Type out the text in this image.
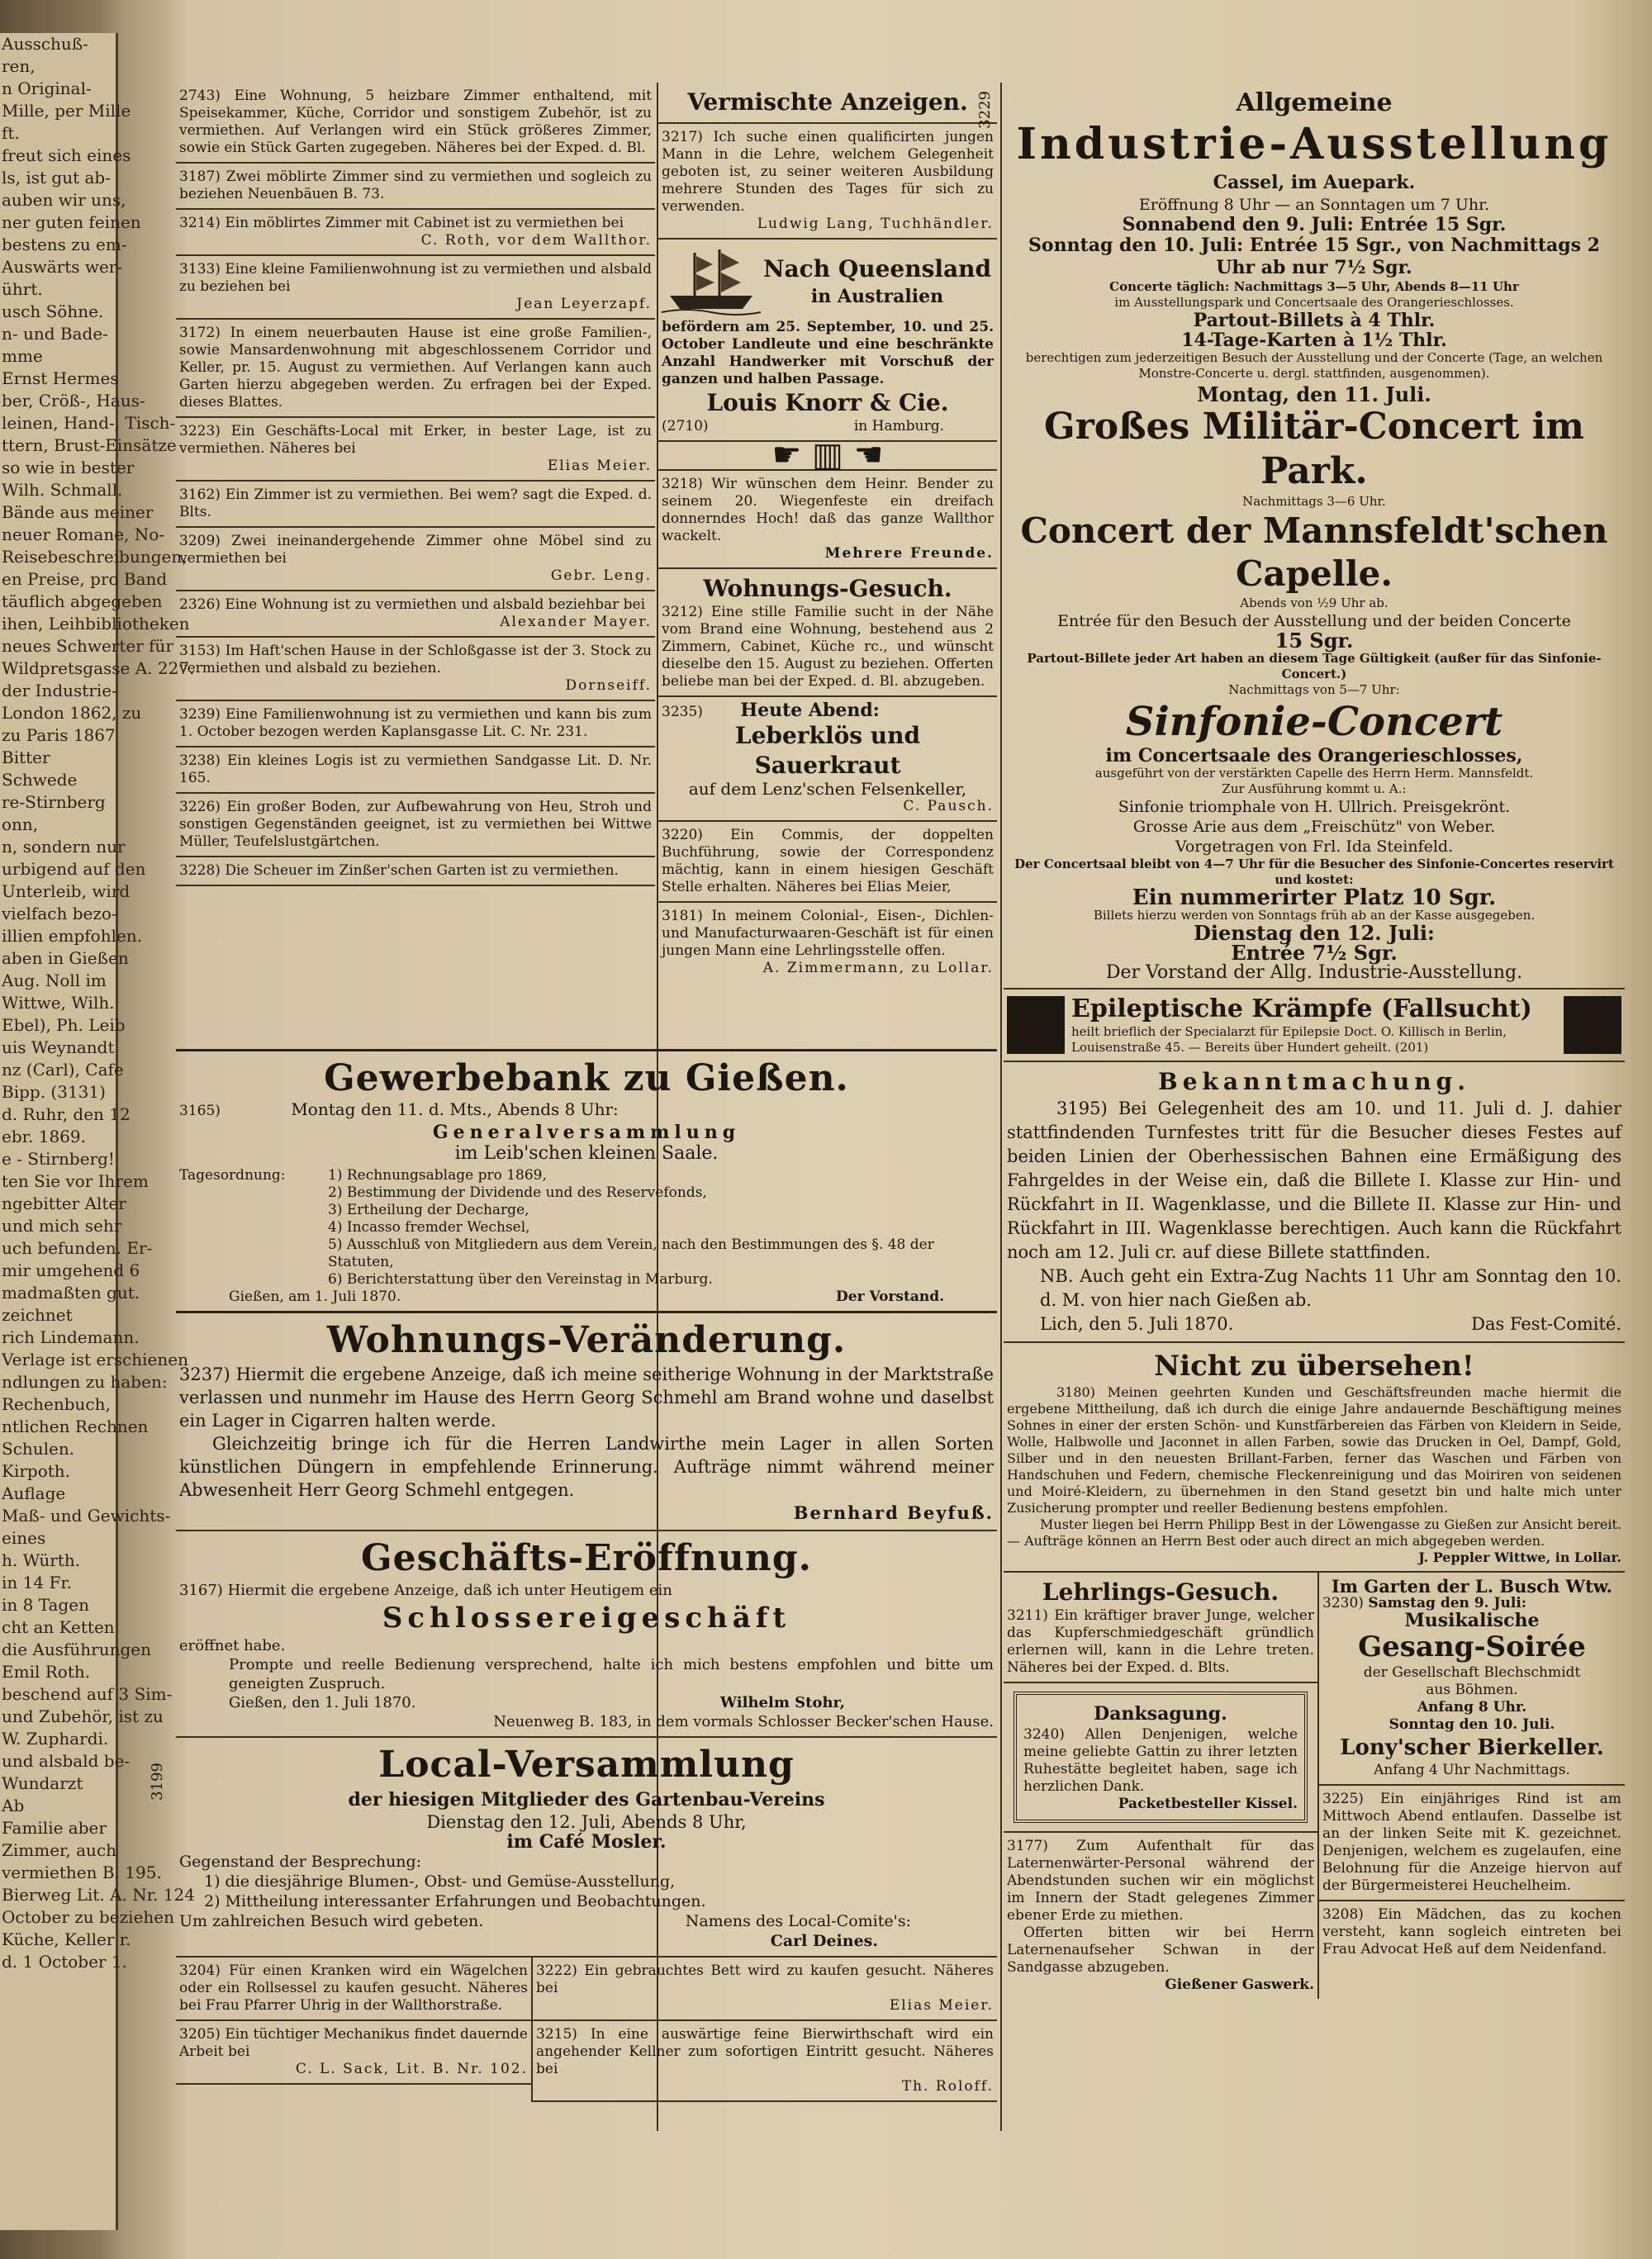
Ausschuß-
ren,
n Original-
Mille, per Mille
ft.
freut sich eines
ls, ist gut ab-
auben wir uns,
ner guten feinen
bestens zu em-
Auswärts wer-
ührt.
usch Söhne.
n- und Bade-
mme
Ernst Hermes
ber, Cröß-, Haus-
leinen, Hand-, Tisch-
ttern, Brust-Einsätze
so wie in bester
Wilh. Schmall.
Bände aus meiner
neuer Romane, No-
Reisebeschreibungen,
en Preise, pro Band
täuflich abgegeben
ihen, Leihbibliotheken
neues Schwerter für
Wildpretsgasse A. 227.
der Industrie-
London 1862, zu
zu Paris 1867
Bitter
Schwede
re-Stirnberg
onn,
n, sondern nur
urbigend auf den
Unterleib, wird
vielfach bezo-
illien empfohlen.
aben in Gießen
Aug. Noll im
Wittwe, Wilh.
Ebel), Ph. Leib
uis Weynandt
nz (Carl), Cafe
Bipp. (3131)
d. Ruhr, den 12
ebr. 1869.
e - Stirnberg!
ten Sie vor Ihrem
ngebitter Alter
und mich sehr
uch befunden. Er-
mir umgehend 6
madmaßten gut.
zeichnet
rich Lindemann.
Verlage ist erschienen
ndlungen zu haben:
Rechenbuch,
ntlichen Rechnen
Schulen.
Kirpoth.
Auflage
Maß- und Gewichts-
eines
h. Würth.
in 14 Fr.
in 8 Tagen
cht an Ketten
die Ausführungen
Emil Roth.
beschend auf 3 Sim-
und Zubehör, ist zu
W. Zuphardi.
und alsbald be-
Wundarzt
Ab
Familie aber
Zimmer, auch
vermiethen B. 195.
Bierweg Lit. A. Nr. 124
October zu beziehen
Küche, Keller r.
d. 1 October 1.

2743) Eine Wohnung, 5 heizbare Zimmer enthaltend, mit Speisekammer, Küche, Corridor und sonstigem Zubehör, ist zu vermiethen. Auf Verlangen wird ein Stück größeres Zimmer, sowie ein Stück Garten zugegeben. Näheres bei der Exped. d. Bl.

3187) Zwei möblirte Zimmer sind zu vermiethen und sogleich zu beziehen Neuenbäuen B. 73.

3214) Ein möblirtes Zimmer mit Cabinet ist zu vermiethen bei

C. Roth, vor dem Wallthor.

3133) Eine kleine Familienwohnung ist zu vermiethen und alsbald zu beziehen bei

Jean Leyerzapf.

3172) In einem neuerbauten Hause ist eine große Familien-, sowie Mansardenwohnung mit abgeschlossenem Corridor und Keller, pr. 15. August zu vermiethen. Auf Verlangen kann auch Garten hierzu abgegeben werden. Zu erfragen bei der Exped. dieses Blattes.

3223) Ein Geschäfts-Local mit Erker, in bester Lage, ist zu vermiethen. Näheres bei

Elias Meier.

3162) Ein Zimmer ist zu vermiethen. Bei wem? sagt die Exped. d. Blts.

3209) Zwei ineinandergehende Zimmer ohne Möbel sind zu vermiethen bei

Gebr. Leng.

2326) Eine Wohnung ist zu vermiethen und alsbald beziehbar bei

Alexander Mayer.

3153) Im Haft'schen Hause in der Schloßgasse ist der 3. Stock zu vermiethen und alsbald zu beziehen.

Dornseiff.

3239) Eine Familienwohnung ist zu vermiethen und kann bis zum 1. October bezogen werden Kaplansgasse Lit. C. Nr. 231.

3238) Ein kleines Logis ist zu vermiethen Sandgasse Lit. D. Nr. 165.

3226) Ein großer Boden, zur Aufbewahrung von Heu, Stroh und sonstigen Gegenständen geeignet, ist zu vermiethen bei Wittwe Müller, Teufelslustgärtchen.

3228) Die Scheuer im Zinßer'schen Garten ist zu vermiethen.

Vermischte Anzeigen.

3217) Ich suche einen qualificirten jungen Mann in die Lehre, welchem Gelegenheit geboten ist, zu seiner weiteren Ausbildung mehrere Stunden des Tages für sich zu verwenden.

Ludwig Lang, Tuchhändler.
Nach Queensland
in Australien

befördern am 25. September, 10. und 25. October Landleute und eine beschränkte Anzahl Handwerker mit Vorschuß der ganzen und halben Passage.

Louis Knorr & Cie.
(2710)	in Hamburg.
☛ ▥ ☚

3218) Wir wünschen dem Heinr. Bender zu seinem 20. Wiegenfeste ein dreifach donnerndes Hoch! daß das ganze Wallthor wackelt.

Mehrere Freunde.
Wohnungs-Gesuch.

3212) Eine stille Familie sucht in der Nähe vom Brand eine Wohnung, bestehend aus 2 Zimmern, Cabinet, Küche rc., und wünscht dieselbe den 15. August zu beziehen. Offerten beliebe man bei der Exped. d. Bl. abzugeben.

3235) Heute Abend:
Leberklös und Sauerkraut
auf dem Lenz'schen Felsenkeller,
C. Pausch.

3220) Ein Commis, der doppelten Buchführung, sowie der Correspondenz mächtig, kann in einem hiesigen Geschäft Stelle erhalten. Näheres bei Elias Meier,

3181) In meinem Colonial-, Eisen-, Dichlen- und Manufacturwaaren-Geschäft ist für einen jungen Mann eine Lehrlingsstelle offen.

A. Zimmermann, zu Lollar.
Gewerbebank zu Gießen.
3165)	Montag den 11. d. Mts., Abends 8 Uhr:
Generalversammlung
im Leib'schen kleinen Saale.
Tagesordnung:	1) Rechnungsablage pro 1869,
2) Bestimmung der Dividende und des Reservefonds,
3) Ertheilung der Decharge,
4) Incasso fremder Wechsel,
5) Ausschluß von Mitgliedern aus dem Verein, nach den Bestimmungen des §. 48 der Statuten,
6) Berichterstattung über den Vereinstag in Marburg.
Gießen, am 1. Juli 1870.	Der Vorstand.
Wohnungs-Veränderung.

3237) Hiermit die ergebene Anzeige, daß ich meine seitherige Wohnung in der Marktstraße verlassen und nunmehr im Hause des Herrn Georg Schmehl am Brand wohne und daselbst ein Lager in Cigarren halten werde.

Gleichzeitig bringe ich für die Herren Landwirthe mein Lager in allen Sorten künstlichen Düngern in empfehlende Erinnerung. Aufträge nimmt während meiner Abwesenheit Herr Georg Schmehl entgegen.

Bernhard Beyfuß.
Geschäfts-Eröffnung.
3167) Hiermit die ergebene Anzeige, daß ich unter Heutigem ein
Schlossereigeschäft
eröffnet habe.

Prompte und reelle Bedienung versprechend, halte ich mich bestens empfohlen und bitte um geneigten Zuspruch.

Gießen, den 1. Juli 1870.	Wilhelm Stohr,
Neuenweg B. 183, in dem vormals Schlosser Becker'schen Hause.
3199	Local-Versammlung
der hiesigen Mitglieder des Gartenbau-Vereins
Dienstag den 12. Juli, Abends 8 Uhr,
im Café Mosler.
Gegenstand der Besprechung:
1) die diesjährige Blumen-, Obst- und Gemüse-Ausstellung,
2) Mittheilung interessanter Erfahrungen und Beobachtungen.
Um zahlreichen Besuch wird gebeten.	Namens des Local-Comite's:
Carl Deines.

3204) Für einen Kranken wird ein Wägelchen oder ein Rollsessel zu kaufen gesucht. Näheres bei Frau Pfarrer Uhrig in der Wallthorstraße.

3205) Ein tüchtiger Mechanikus findet dauernde Arbeit bei

C. L. Sack, Lit. B. Nr. 102.

3222) Ein gebrauchtes Bett wird zu kaufen gesucht. Näheres bei

Elias Meier.

3215) In eine auswärtige feine Bierwirthschaft wird ein angehender Kellner zum sofortigen Eintritt gesucht. Näheres bei

Th. Roloff.
3229	Allgemeine
Industrie-Ausstellung
Cassel, im Auepark.
Eröffnung 8 Uhr — an Sonntagen um 7 Uhr.
Sonnabend den 9. Juli: Entrée 15 Sgr.
Sonntag den 10. Juli: Entrée 15 Sgr., von Nachmittags 2 Uhr ab nur 7½ Sgr.
Concerte täglich: Nachmittags 3—5 Uhr, Abends 8—11 Uhr
im Ausstellungspark und Concertsaale des Orangerieschlosses.
Partout-Billets à 4 Thlr.
14-Tage-Karten à 1½ Thlr.
berechtigen zum jederzeitigen Besuch der Ausstellung und der Concerte (Tage, an welchen Monstre-Concerte u. dergl. stattfinden, ausgenommen).
Montag, den 11. Juli.
Großes Militär-Concert im Park.
Nachmittags 3—6 Uhr.
Concert der Mannsfeldt'schen Capelle.
Abends von ½9 Uhr ab.
Entrée für den Besuch der Ausstellung und der beiden Concerte
15 Sgr.
Partout-Billete jeder Art haben an diesem Tage Gültigkeit (außer für das Sinfonie-Concert.)
Nachmittags von 5—7 Uhr:
Sinfonie-Concert
im Concertsaale des Orangerieschlosses,
ausgeführt von der verstärkten Capelle des Herrn Herm. Mannsfeldt.
Zur Ausführung kommt u. A.:
Sinfonie triomphale von H. Ullrich. Preisgekrönt.
Grosse Arie aus dem „Freischütz" von Weber.
Vorgetragen von Frl. Ida Steinfeld.
Der Concertsaal bleibt von 4—7 Uhr für die Besucher des Sinfonie-Concertes reservirt und kostet:
Ein nummerirter Platz 10 Sgr.
Billets hierzu werden von Sonntags früh ab an der Kasse ausgegeben.
Dienstag den 12. Juli:
Entrée 7½ Sgr.
Der Vorstand der Allg. Industrie-Ausstellung.
Epileptische Krämpfe (Fallsucht)
heilt brieflich der Specialarzt für Epilepsie Doct. O. Killisch in Berlin, Louisenstraße 45. — Bereits über Hundert geheilt. (201)
Bekanntmachung.

3195) Bei Gelegenheit des am 10. und 11. Juli d. J. dahier stattfindenden Turnfestes tritt für die Besucher dieses Festes auf beiden Linien der Oberhessischen Bahnen eine Ermäßigung des Fahrgeldes in der Weise ein, daß die Billete I. Klasse zur Hin- und Rückfahrt in II. Wagenklasse, und die Billete II. Klasse zur Hin- und Rückfahrt in III. Wagenklasse berechtigen. Auch kann die Rückfahrt noch am 12. Juli cr. auf diese Billete stattfinden.

NB. Auch geht ein Extra-Zug Nachts 11 Uhr am Sonntag den 10. d. M. von hier nach Gießen ab.

Lich, den 5. Juli 1870.	Das Fest-Comité.
Nicht zu übersehen!

3180) Meinen geehrten Kunden und Geschäftsfreunden mache hiermit die ergebene Mittheilung, daß ich durch die einige Jahre andauernde Beschäftigung meines Sohnes in einer der ersten Schön- und Kunstfärbereien das Färben von Kleidern in Seide, Wolle, Halbwolle und Jaconnet in allen Farben, sowie das Drucken in Oel, Dampf, Gold, Silber und in den neuesten Brillant-Farben, ferner das Waschen und Färben von Handschuhen und Federn, chemische Fleckenreinigung und das Moiriren von seidenen und Moiré-Kleidern, zu übernehmen in den Stand gesetzt bin und halte mich unter Zusicherung prompter und reeller Bedienung bestens empfohlen.

Muster liegen bei Herrn Philipp Best in der Löwengasse zu Gießen zur Ansicht bereit. — Aufträge können an Herrn Best oder auch direct an mich abgegeben werden.

J. Peppler Wittwe, in Lollar.
Lehrlings-Gesuch.

3211) Ein kräftiger braver Junge, welcher das Kupferschmiedgeschäft gründlich erlernen will, kann in die Lehre treten. Näheres bei der Exped. d. Blts.

Danksagung.

3240) Allen Denjenigen, welche meine geliebte Gattin zu ihrer letzten Ruhestätte begleitet haben, sage ich herzlichen Dank.

Packetbesteller Kissel.

3177) Zum Aufenthalt für das Laternenwärter-Personal während der Abendstunden suchen wir ein möglichst im Innern der Stadt gelegenes Zimmer ebener Erde zu miethen.

Offerten bitten wir bei Herrn Laternenaufseher Schwan in der Sandgasse abzugeben.

Gießener Gaswerk.
Im Garten der L. Busch Wtw.
3230) Samstag den 9. Juli:
Musikalische
Gesang-Soirée
der Gesellschaft Blechschmidt
aus Böhmen.
Anfang 8 Uhr.
Sonntag den 10. Juli.
Lony'scher Bierkeller.
Anfang 4 Uhr Nachmittags.

3225) Ein einjähriges Rind ist am Mittwoch Abend entlaufen. Dasselbe ist an der linken Seite mit K. gezeichnet. Denjenigen, welchem es zugelaufen, eine Belohnung für die Anzeige hiervon auf der Bürgermeisterei Heuchelheim.

3208) Ein Mädchen, das zu kochen versteht, kann sogleich eintreten bei Frau Advocat Heß auf dem Neidenfand.
